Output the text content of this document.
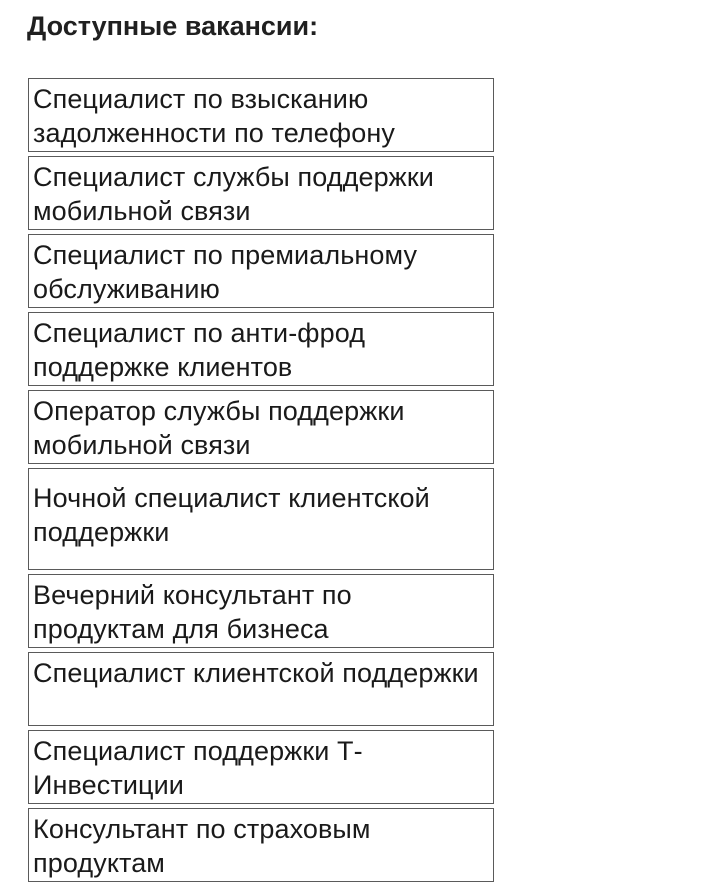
Доступные вакансии:
Специалист по взысканию задолженности по телефону
Специалист службы поддержки мобильной связи
Специалист по премиальному обслуживанию
Специалист по анти-фрод поддержке клиентов
Оператор службы поддержки мобильной связи
Ночной специалист клиентской поддержки
Вечерний консультант по продуктам для бизнеса
Специалист клиентской поддержки
Специалист поддержки Т-Инвестиции
Консультант по страховым продуктам
